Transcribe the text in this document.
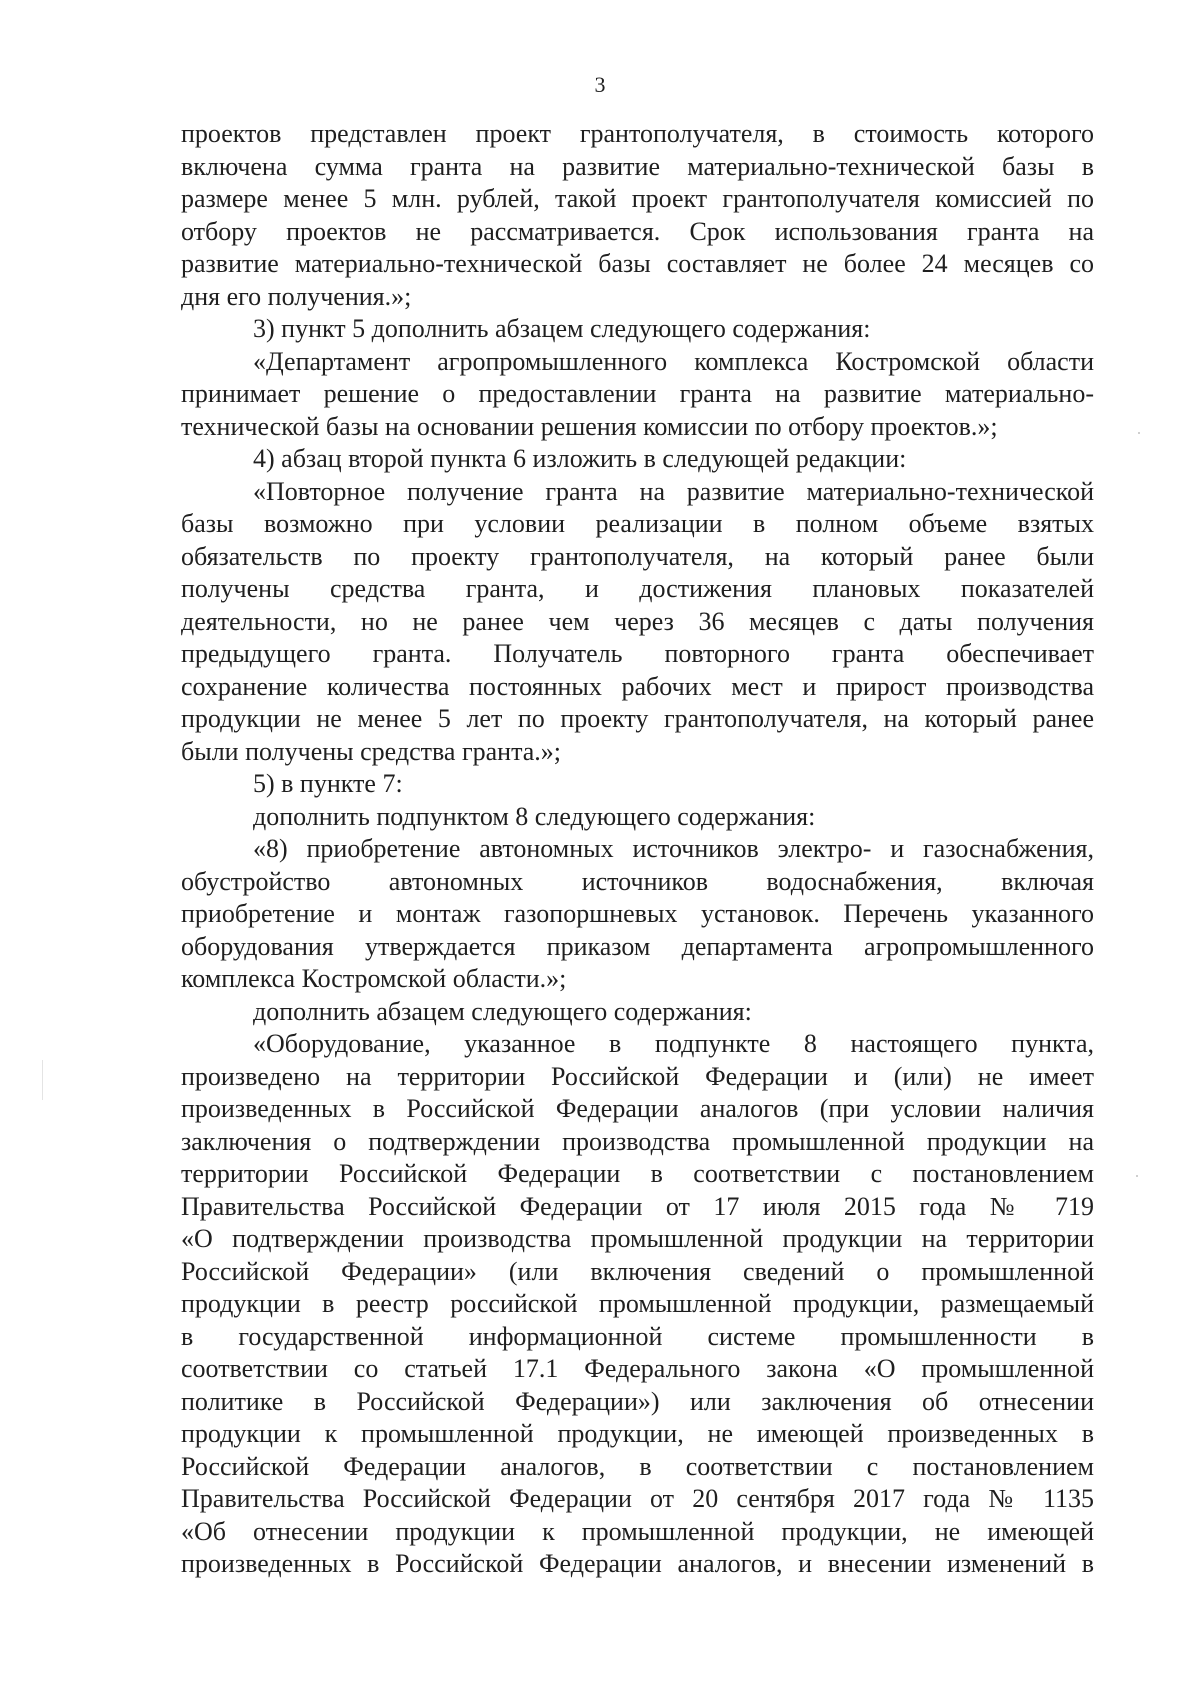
3
проектов представлен проект грантополучателя, в стоимость которого
включена сумма гранта на развитие материально-технической базы в
размере менее 5 млн. рублей, такой проект грантополучателя комиссией по
отбору проектов не рассматривается. Срок использования гранта на
развитие материально-технической базы составляет не более 24 месяцев со
дня его получения.»;
3) пункт 5 дополнить абзацем следующего содержания:
«Департамент агропромышленного комплекса Костромской области
принимает решение о предоставлении гранта на развитие материально-
технической базы на основании решения комиссии по отбору проектов.»;
4) абзац второй пункта 6 изложить в следующей редакции:
«Повторное получение гранта на развитие материально-технической
базы возможно при условии реализации в полном объеме взятых
обязательств по проекту грантополучателя, на который ранее были
получены средства гранта, и достижения плановых показателей
деятельности, но не ранее чем через 36 месяцев с даты получения
предыдущего гранта. Получатель повторного гранта обеспечивает
сохранение количества постоянных рабочих мест и прирост производства
продукции не менее 5 лет по проекту грантополучателя, на который ранее
были получены средства гранта.»;
5) в пункте 7:
дополнить подпунктом 8 следующего содержания:
«8) приобретение автономных источников электро- и газоснабжения,
обустройство автономных источников водоснабжения, включая
приобретение и монтаж газопоршневых установок. Перечень указанного
оборудования утверждается приказом департамента агропромышленного
комплекса Костромской области.»;
дополнить абзацем следующего содержания:
«Оборудование, указанное в подпункте 8 настоящего пункта,
произведено на территории Российской Федерации и (или) не имеет
произведенных в Российской Федерации аналогов (при условии наличия
заключения о подтверждении производства промышленной продукции на
территории Российской Федерации в соответствии с постановлением
Правительства Российской Федерации от 17 июля 2015 года № 719
«О подтверждении производства промышленной продукции на территории
Российской Федерации» (или включения сведений о промышленной
продукции в реестр российской промышленной продукции, размещаемый
в государственной информационной системе промышленности в
соответствии со статьей 17.1 Федерального закона «О промышленной
политике в Российской Федерации») или заключения об отнесении
продукции к промышленной продукции, не имеющей произведенных в
Российской Федерации аналогов, в соответствии с постановлением
Правительства Российской Федерации от 20 сентября 2017 года № 1135
«Об отнесении продукции к промышленной продукции, не имеющей
произведенных в Российской Федерации аналогов, и внесении изменений в
